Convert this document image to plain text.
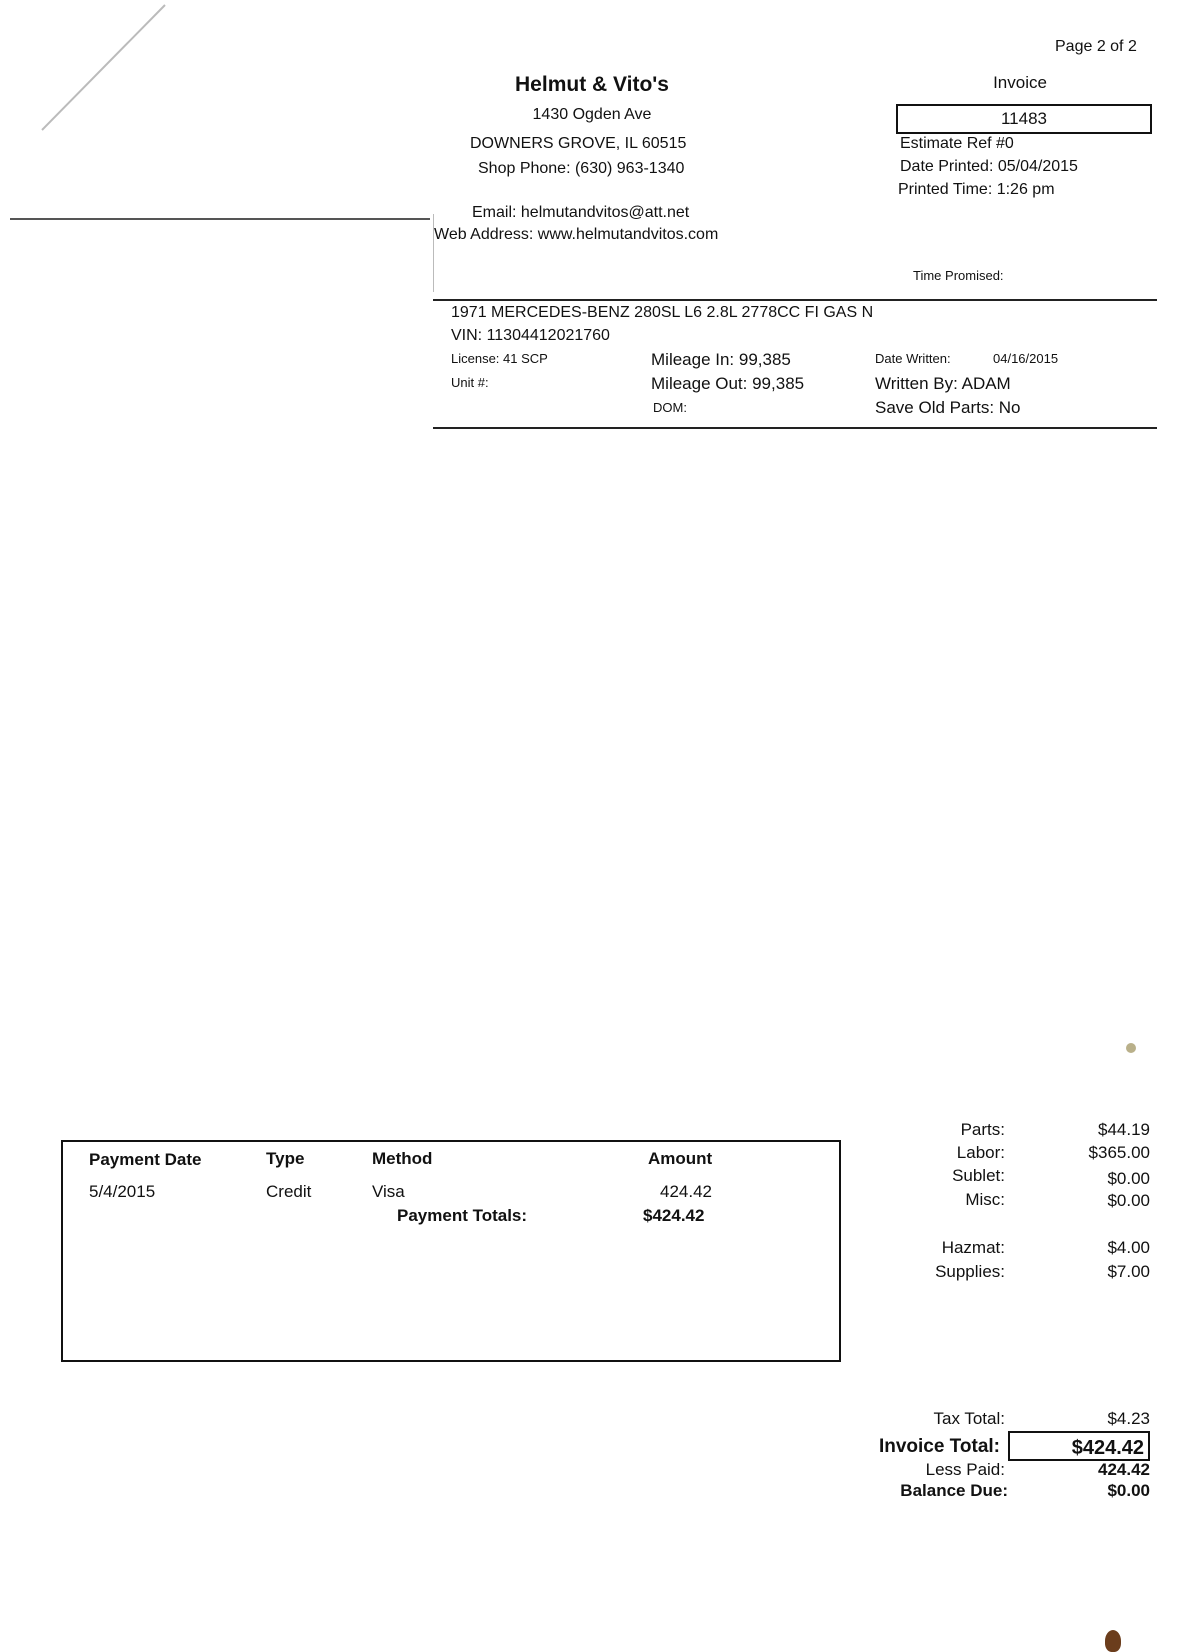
Page 2 of 2
Helmut & Vito's
1430 Ogden Ave
DOWNERS GROVE, IL 60515
Shop Phone: (630) 963-1340
Email: helmutandvitos@att.net
Web Address: www.helmutandvitos.com
Invoice
11483
Estimate Ref #0
Date Printed: 05/04/2015
Printed Time: 1:26 pm
Time Promised:
1971 MERCEDES-BENZ 280SL L6 2.8L 2778CC FI GAS N
VIN: 11304412021760
License: 41 SCP
Unit #:
Mileage In: 99,385
Mileage Out: 99,385
DOM:
Date Written:	04/16/2015
Written By: ADAM
Save Old Parts: No
Payment Date	Type	Method	Amount
5/4/2015	Credit	Visa	424.42
Payment Totals:	$424.42
Parts:	$44.19
Labor:	$365.00
Sublet:	$0.00
Misc:	$0.00
Hazmat:	$4.00
Supplies:	$7.00
Tax Total:	$4.23
Invoice Total:	$424.42
Less Paid:	424.42
Balance Due:	$0.00
